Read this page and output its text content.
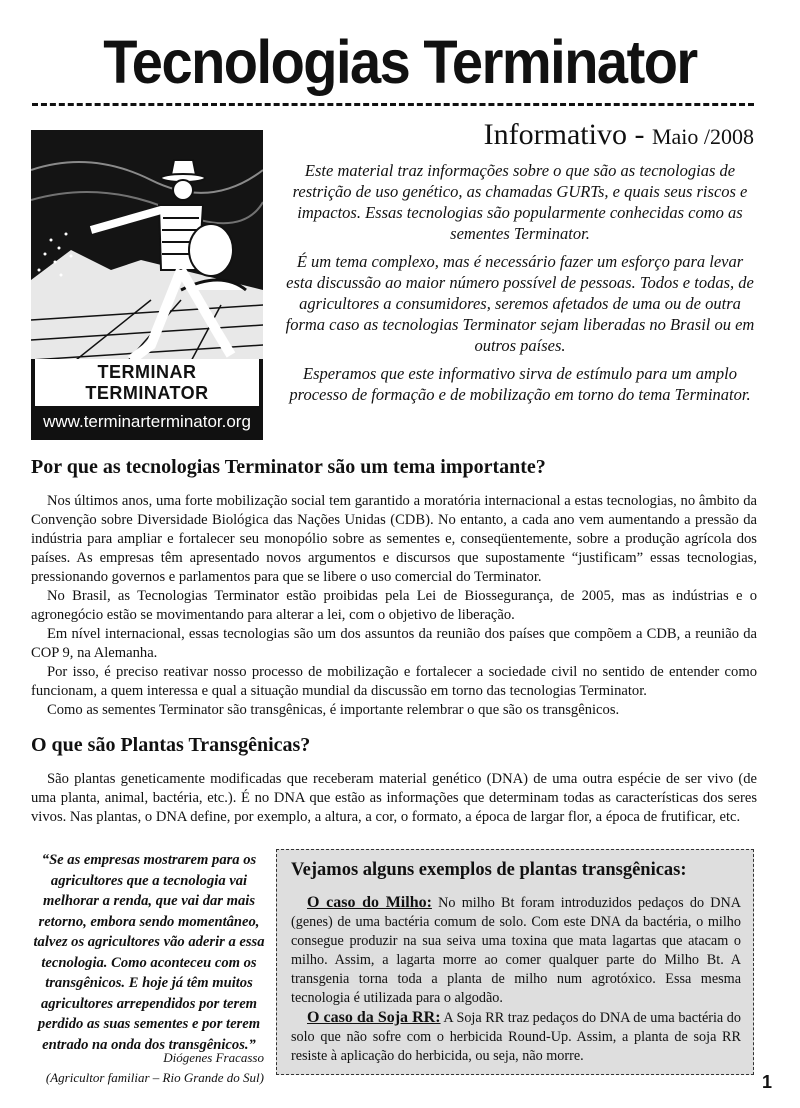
Tecnologias Terminator
Informativo - Maio /2008
TERMINAR TERMINATOR
www.terminarterminator.org

Este material traz informações sobre o que são as tecnologias de restrição de uso genético, as chamadas GURTs, e quais seus riscos e impactos. Essas tecnologias são popularmente conhecidas como as sementes Terminator.

É um tema complexo, mas é necessário fazer um esforço para levar esta discussão ao maior número possível de pessoas. Todos e todas, de agricultores a consumidores, seremos afetados de uma ou de outra forma caso as tecnologias Terminator sejam liberadas no Brasil ou em outros países.

Esperamos que este informativo sirva de estímulo para um amplo processo de formação e de mobilização em torno do tema Terminator.

Por que as tecnologias Terminator são um tema importante?

Nos últimos anos, uma forte mobilização social tem garantido a moratória internacional a estas tecnologias, no âmbito da Convenção sobre Diversidade Biológica das Nações Unidas (CDB). No entanto, a cada ano vem aumentando a pressão da indústria para ampliar e fortalecer seu monopólio sobre as sementes e, conseqüentemente, sobre a produção agrícola dos países. As empresas têm apresentado novos argumentos e discursos que supostamente “justificam” essas tecnologias, pressionando governos e parlamentos para que se libere o uso comercial do Terminator.

No Brasil, as Tecnologias Terminator estão proibidas pela Lei de Biossegurança, de 2005, mas as indústrias e o agronegócio estão se movimentando para alterar a lei, com o objetivo de liberação.

Em nível internacional, essas tecnologias são um dos assuntos da reunião dos países que compõem a CDB, a reunião da COP 9, na Alemanha.

Por isso, é preciso reativar nosso processo de mobilização e fortalecer a sociedade civil no sentido de entender como funcionam, a quem interessa e qual a situação mundial da discussão em torno das tecnologias Terminator.

Como as sementes Terminator são transgênicas, é importante relembrar o que são os transgênicos.

O que são Plantas Transgênicas?

São plantas geneticamente modificadas que receberam material genético (DNA) de uma outra espécie de ser vivo (de uma planta, animal, bactéria, etc.). É no DNA que estão as informações que determinam todas as características dos seres vivos. Nas plantas, o DNA define, por exemplo, a altura, a cor, o formato, a época de largar flor, a época de frutificar, etc.

“Se as empresas mostrarem para os agricultores que a tecnologia vai melhorar a renda, que vai dar mais retorno, embora sendo momentâneo, talvez os agricultores vão aderir a essa tecnologia. Como aconteceu com os transgênicos. E hoje já têm muitos agricultores arrependidos por terem perdido as suas sementes e por terem entrado na onda dos transgênicos.”
Diógenes Fracasso
(Agricultor familiar – Rio Grande do Sul)
Vejamos alguns exemplos de plantas transgênicas:

O caso do Milho: No milho Bt foram introduzidos pedaços do DNA (genes) de uma bactéria comum de solo. Com este DNA da bactéria, o milho consegue produzir na sua seiva uma toxina que mata lagartas que atacam o milho. Assim, a lagarta morre ao comer qualquer parte do Milho Bt. A transgenia torna toda a planta de milho num agrotóxico. Essa mesma tecnologia é utilizada para o algodão.

O caso da Soja RR: A Soja RR traz pedaços do DNA de uma bactéria do solo que não sofre com o herbicida Round-Up. Assim, a planta de soja RR resiste à aplicação do herbicida, ou seja, não morre.

1
